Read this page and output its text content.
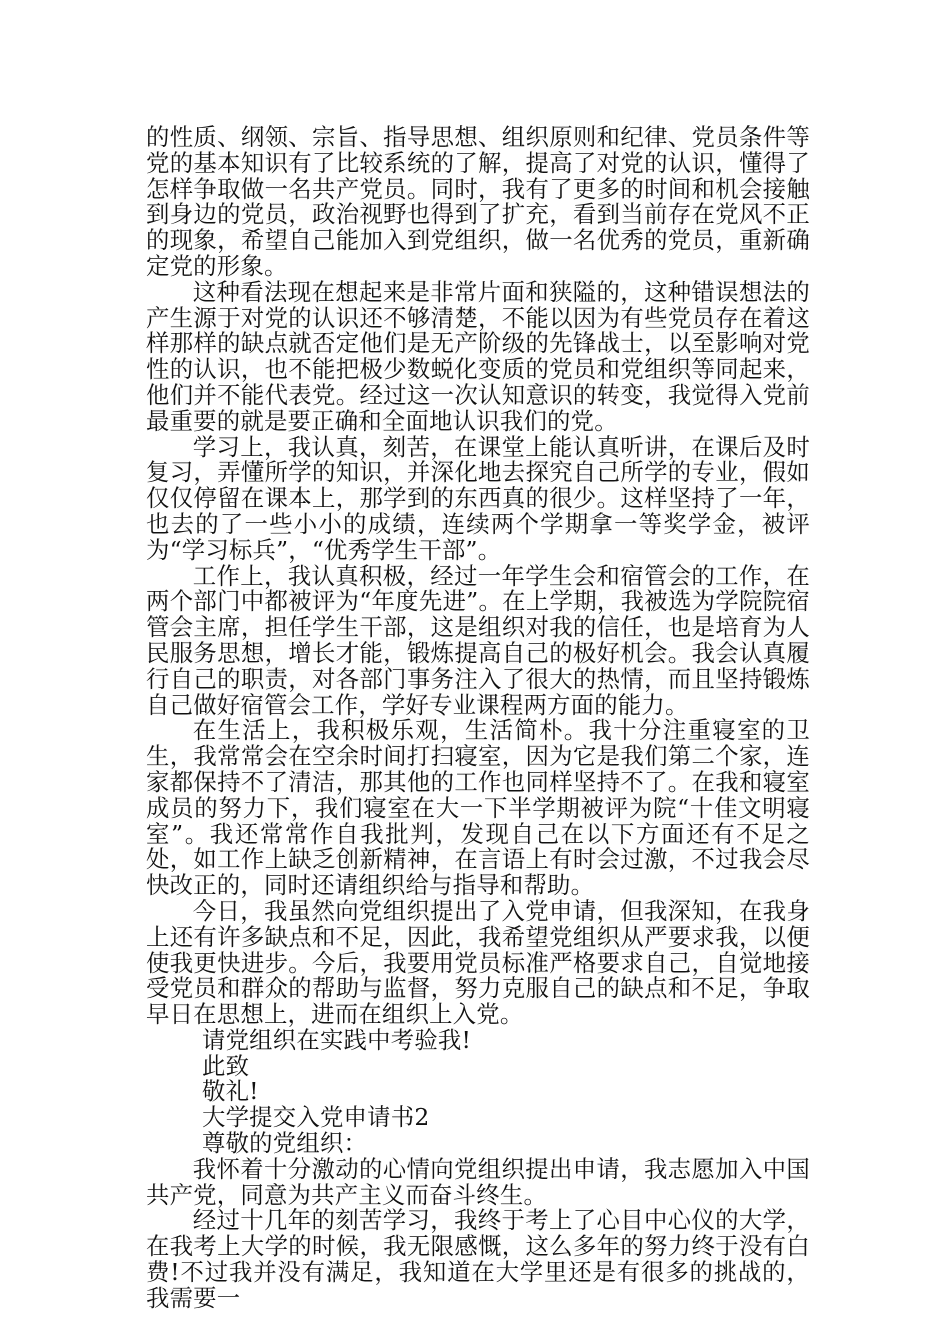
的性质、纲领、宗旨、指导思想、组织原则和纪律、党员条件等党的基本知识有了比较系统的了解，提高了对党的认识，懂得了怎样争取做一名共产党员。同时，我有了更多的时间和机会接触到身边的党员，政治视野也得到了扩充，看到当前存在党风不正的现象，希望自己能加入到党组织，做一名优秀的党员，重新确定党的形象。

这种看法现在想起来是非常片面和狭隘的，这种错误想法的产生源于对党的认识还不够清楚，不能以因为有些党员存在着这样那样的缺点就否定他们是无产阶级的先锋战士，以至影响对党性的认识，也不能把极少数蜕化变质的党员和党组织等同起来，他们并不能代表党。经过这一次认知意识的转变，我觉得入党前最重要的就是要正确和全面地认识我们的党。

学习上，我认真，刻苦，在课堂上能认真听讲，在课后及时复习，弄懂所学的知识，并深化地去探究自己所学的专业，假如仅仅停留在课本上，那学到的东西真的很少。这样坚持了一年，也去的了一些小小的成绩，连续两个学期拿一等奖学金，被评为“学习标兵”，“优秀学生干部”。

工作上，我认真积极，经过一年学生会和宿管会的工作，在两个部门中都被评为“年度先进”。在上学期，我被选为学院院宿管会主席，担任学生干部，这是组织对我的信任，也是培育为人民服务思想，增长才能，锻炼提高自己的极好机会。我会认真履行自己的职责，对各部门事务注入了很大的热情，而且坚持锻炼自己做好宿管会工作，学好专业课程两方面的能力。

在生活上，我积极乐观，生活简朴。我十分注重寝室的卫生，我常常会在空余时间打扫寝室，因为它是我们第二个家，连家都保持不了清洁，那其他的工作也同样坚持不了。在我和寝室成员的努力下，我们寝室在大一下半学期被评为院“十佳文明寝室”。我还常常作自我批判，发现自己在以下方面还有不足之处，如工作上缺乏创新精神，在言语上有时会过激，不过我会尽快改正的，同时还请组织给与指导和帮助。

今日，我虽然向党组织提出了入党申请，但我深知，在我身上还有许多缺点和不足，因此，我希望党组织从严要求我，以便使我更快进步。今后，我要用党员标准严格要求自己，自觉地接受党员和群众的帮助与监督，努力克服自己的缺点和不足，争取早日在思想上，进而在组织上入党。

请党组织在实践中考验我!

此致

敬礼!

大学提交入党申请书2

尊敬的党组织：

我怀着十分激动的心情向党组织提出申请，我志愿加入中国共产党，同意为共产主义而奋斗终生。

经过十几年的刻苦学习，我终于考上了心目中心仪的大学，在我考上大学的时候，我无限感慨，这么多年的努力终于没有白费!不过我并没有满足，我知道在大学里还是有很多的挑战的，我需要一
